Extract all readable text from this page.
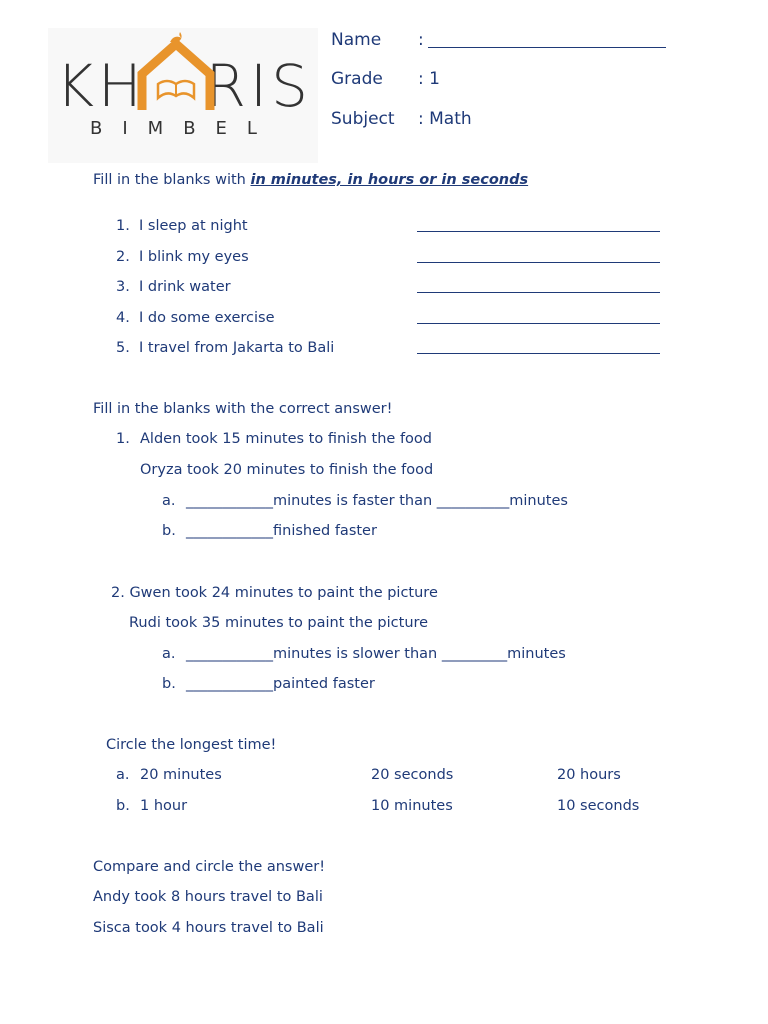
KH RIS
BIMBEL
Name :
Grade : 1
Subject : Math
Fill in the blanks with in minutes, in hours or in seconds
1. I sleep at night
2. I blink my eyes
3. I drink water
4. I do some exercise
5. I travel from Jakarta to Bali
Fill in the blanks with the correct answer!
1. Alden took 15 minutes to finish the food
Oryza took 20 minutes to finish the food
a. ____________minutes is faster than __________minutes
b. ____________finished faster
2. Gwen took 24 minutes to paint the picture
Rudi took 35 minutes to paint the picture
a. ____________minutes is slower than _________minutes
b. ____________painted faster
Circle the longest time!
a. 20 minutes	20 seconds	20 hours
b. 1 hour	10 minutes	10 seconds
Compare and circle the answer!
Andy took 8 hours travel to Bali
Sisca took 4 hours travel to Bali
